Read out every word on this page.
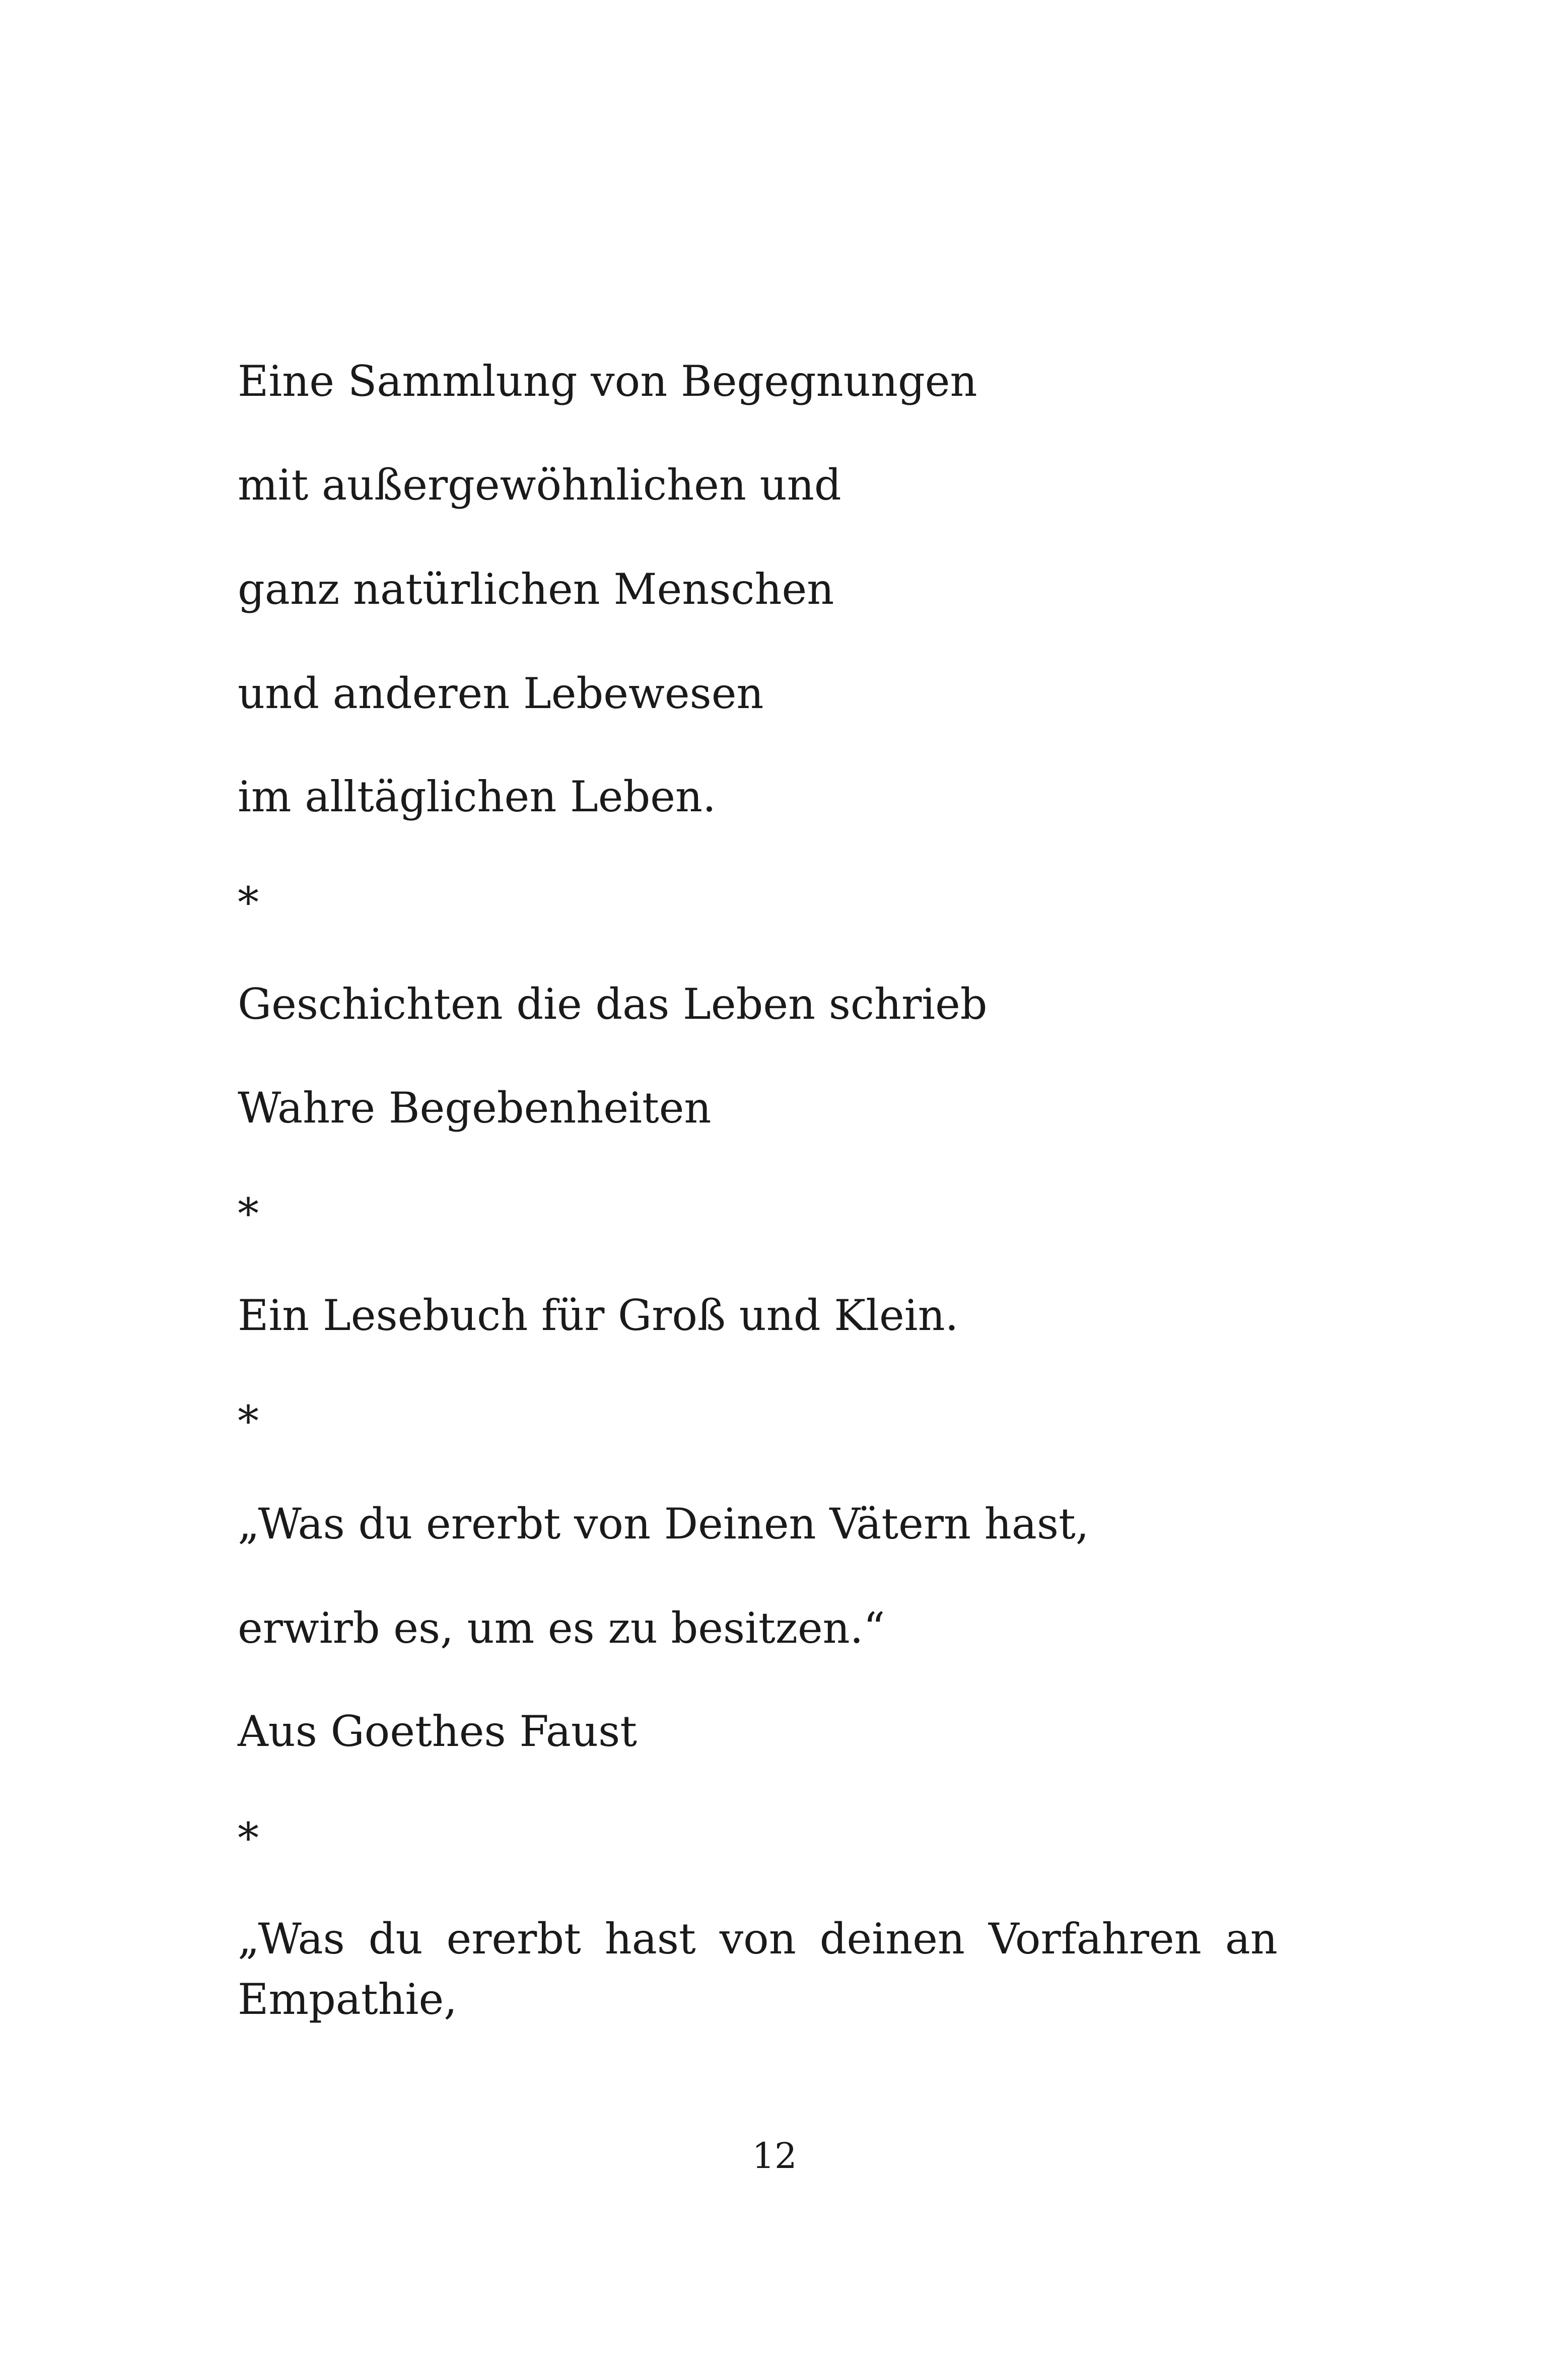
Eine Sammlung von Begegnungen

mit außergewöhnlichen und

ganz natürlichen Menschen

und anderen Lebewesen

im alltäglichen Leben.

*

Geschichten die das Leben schrieb

Wahre Begebenheiten

*

Ein Lesebuch für Groß und Klein.

*

„Was du ererbt von Deinen Vätern hast,

erwirb es, um es zu besitzen.“

Aus Goethes Faust

*

„Was du ererbt hast von deinen Vorfahren an

Empathie,

12
